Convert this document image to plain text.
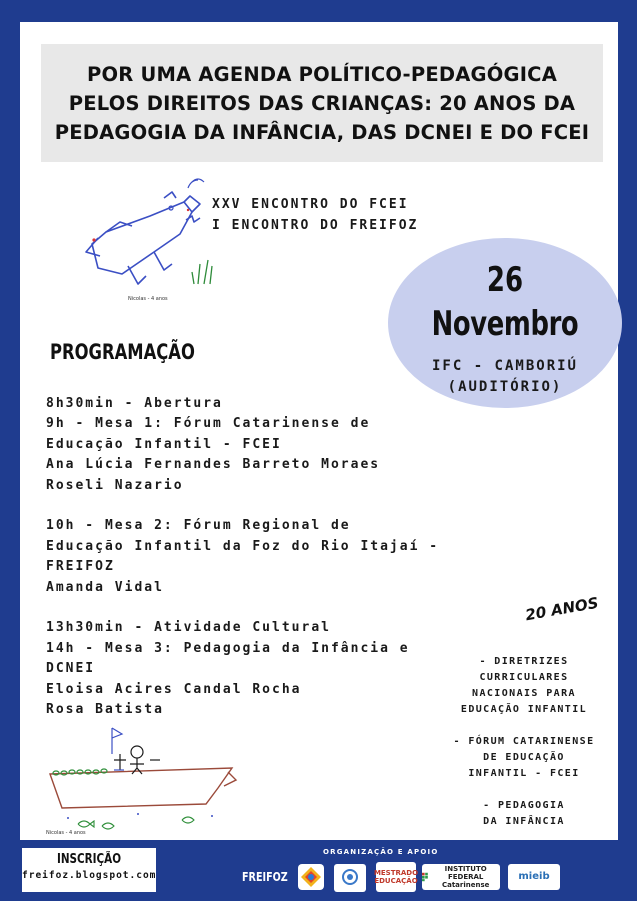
POR UMA AGENDA POLÍTICO-PEDAGÓGICA
PELOS DIREITOS DAS CRIANÇAS: 20 ANOS DA
PEDAGOGIA DA INFÂNCIA, DAS DCNEI E DO FCEI
Nicolas - 4 anos
XXV ENCONTRO DO FCEI
I ENCONTRO DO FREIFOZ
26
Novembro
IFC - CAMBORIÚ
(AUDITÓRIO)
PROGRAMAÇÃO
8h30min - Abertura
9h - Mesa 1: Fórum Catarinense de
Educação Infantil - FCEI
Ana Lúcia Fernandes Barreto Moraes
Roseli Nazario
10h - Mesa 2: Fórum Regional de
Educação Infantil da Foz do Rio Itajaí -
FREIFOZ
Amanda Vidal
13h30min - Atividade Cultural
14h - Mesa 3: Pedagogia da Infância e
DCNEI
Eloisa Acires Candal Rocha
Rosa Batista
20 ANOS
- DIRETRIZES
CURRICULARES
NACIONAIS PARA
EDUCAÇÃO INFANTIL
- FÓRUM CATARINENSE
DE EDUCAÇÃO
INFANTIL - FCEI
- PEDAGOGIA
DA INFÂNCIA
Nicolas - 4 anos
INSCRIÇÃO
freifoz.blogspot.com
ORGANIZAÇÃO E APOIO
FREIFOZ	MESTRADO EDUCAÇÃO
INSTITUTO FEDERAL Catarinense
mieib
